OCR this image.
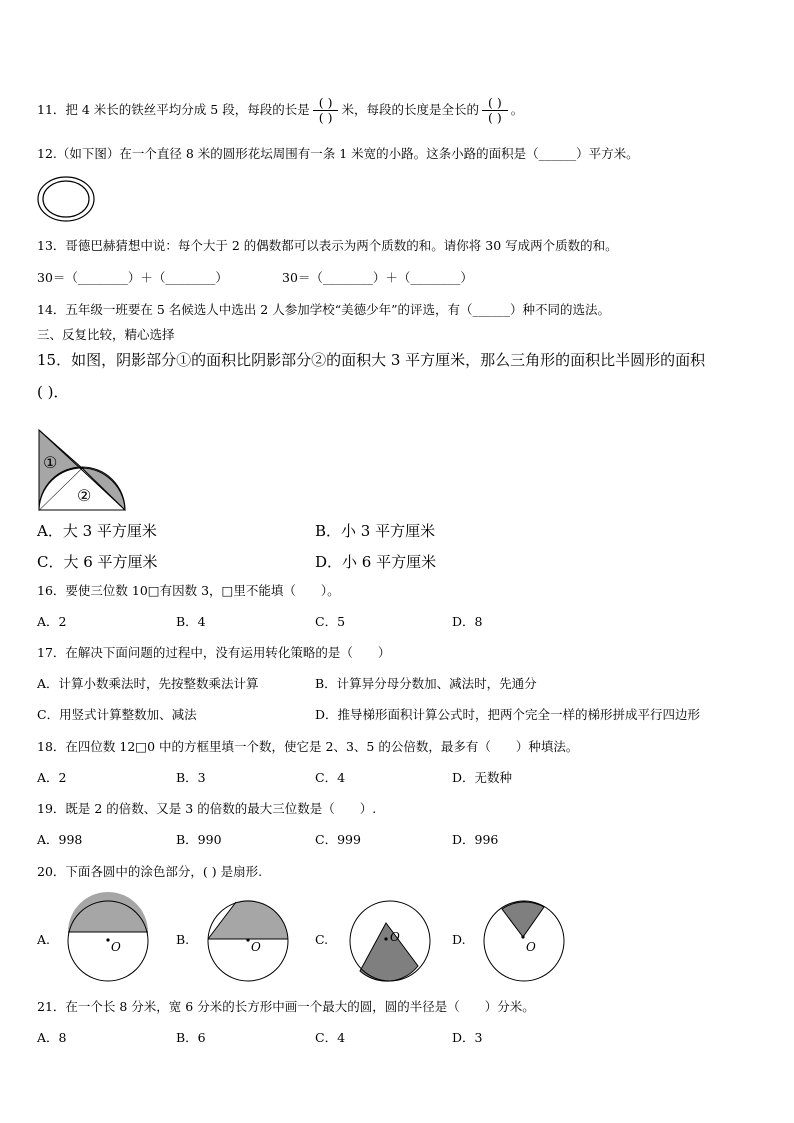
11．把 4 米长的铁丝平均分成 5 段，每段的长是 $\frac{( )}{( )}$ 米，每段的长度是全长的 $\frac{( )}{( )}$ 。
12.（如下图）在一个直径 8 米的圆形花坛周围有一条 1 米宽的小路。这条小路的面积是（______）平方米。
13．哥德巴赫猜想中说：每个大于 2 的偶数都可以表示为两个质数的和。请你将 30 写成两个质数的和。
30＝（________）＋（________）	30＝（________）＋（________）
14．五年级一班要在 5 名候选人中选出 2 人参加学校“美德少年”的评选，有（______）种不同的选法。
三、反复比较，精心选择
15．如图，阴影部分①的面积比阴影部分②的面积大 3 平方厘米，那么三角形的面积比半圆形的面积
( )．
①
②
A．大 3 平方厘米	B．小 3 平方厘米
C．大 6 平方厘米	D．小 6 平方厘米
16．要使三位数 10□有因数 3，□里不能填（　　）。
A．2	B．4	C．5	D．8
17．在解决下面问题的过程中，没有运用转化策略的是（　　）
A．计算小数乘法时，先按整数乘法计算	B．计算异分母分数加、减法时，先通分
C．用竖式计算整数加、减法	D．推导梯形面积计算公式时，把两个完全一样的梯形拼成平行四边形
18．在四位数 12□0 中的方框里填一个数，使它是 2、3、5 的公倍数，最多有（　　）种填法。
A．2	B．3	C．4	D．无数种
19．既是 2 的倍数、又是 3 的倍数的最大三位数是（　　）.
A．998	B．990	C．999	D．996
20．下面各圆中的涂色部分，( ) 是扇形.
A.	B.	C.	D.
O	O
O
O
21．在一个长 8 分米，宽 6 分米的长方形中画一个最大的圆，圆的半径是（　　）分米。
A．8	B．6	C．4	D．3
